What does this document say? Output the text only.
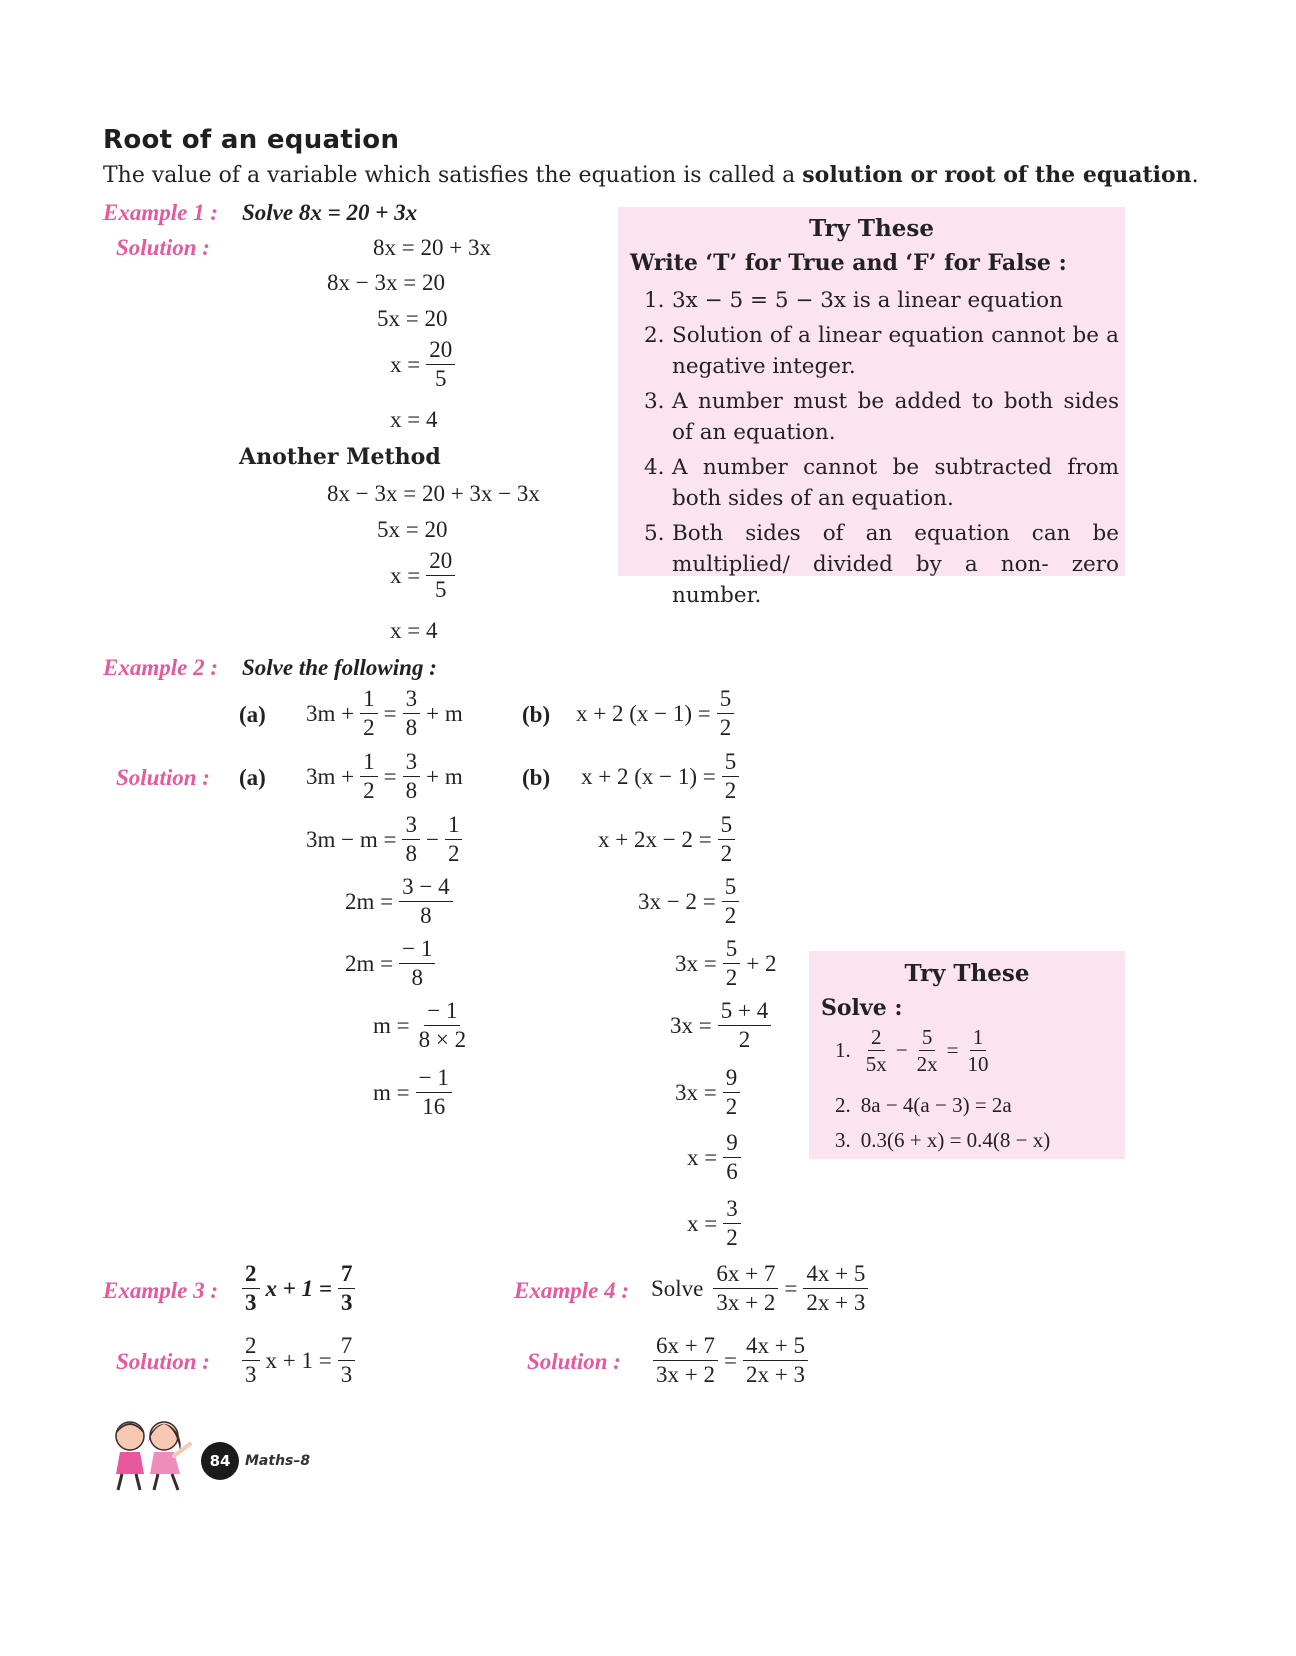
Root of an equation
The value of a variable which satisfies the equation is called a solution or root of the equation.
Example 1 : Solve 8x = 20 + 3x
Solution :	8x = 20 + 3x
8x − 3x = 20
5x = 20
$x = \frac{20}{5}$
x = 4
Another Method
8x − 3x = 20 + 3x − 3x
5x = 20
$x = \frac{20}{5}$
x = 4
Try These
Write ‘T’ for True and ‘F’ for False :
1. 3x − 5 = 5 − 3x is a linear equation
2. Solution of a linear equation cannot be a negative integer.
3. A number must be added to both sides of an equation.
4. A number cannot be subtracted from both sides of an equation.
5. Both sides of an equation can be multiplied/ divided by a non- zero number.
Example 2 : Solve the following :
(a) $3m + \frac{1}{2} = \frac{3}{8} + m$	(b) x + 2 $(x - 1) = \frac{5}{2}$
Solution : (a)	(b)
$3m + \frac{1}{2} = \frac{3}{8} + m$
$3m - m = \frac{3}{8} - \frac{1}{2}$
$2m = \frac{3 - 4}{8}$
$2m = \frac{- 1}{8}$
$m = \frac{- 1}{8 \times 2}$
$m = \frac{- 1}{16}$
x + 2 $(x - 1) = \frac{5}{2}$
$x + 2x - 2 = \frac{5}{2}$
$3x - 2 = \frac{5}{2}$
$3x = \frac{5}{2} + 2$
$3x = \frac{5 + 4}{2}$
$3x = \frac{9}{2}$
$x = \frac{9}{6}$
$x = \frac{3}{2}$
Try These
Solve :
1. $\frac{2}{5x} - \frac{5}{2x} = \frac{1}{10}$
2. 8a − 4(a − 3) = 2a
3. 0.3(6 + x) = 0.4(8 − x)
Example 3 : $\frac{2}{3}$ $x + 1 = \frac{7}{3}$
Solution : $\frac{2}{3}$ $x + 1 = \frac{7}{3}$
Example 4 : Solve $\frac{6x + 7}{3x + 2} = \frac{4x + 5}{2x + 3}$
Solution : $\frac{6x + 7}{3x + 2} = \frac{4x + 5}{2x + 3}$
84	Maths–8
